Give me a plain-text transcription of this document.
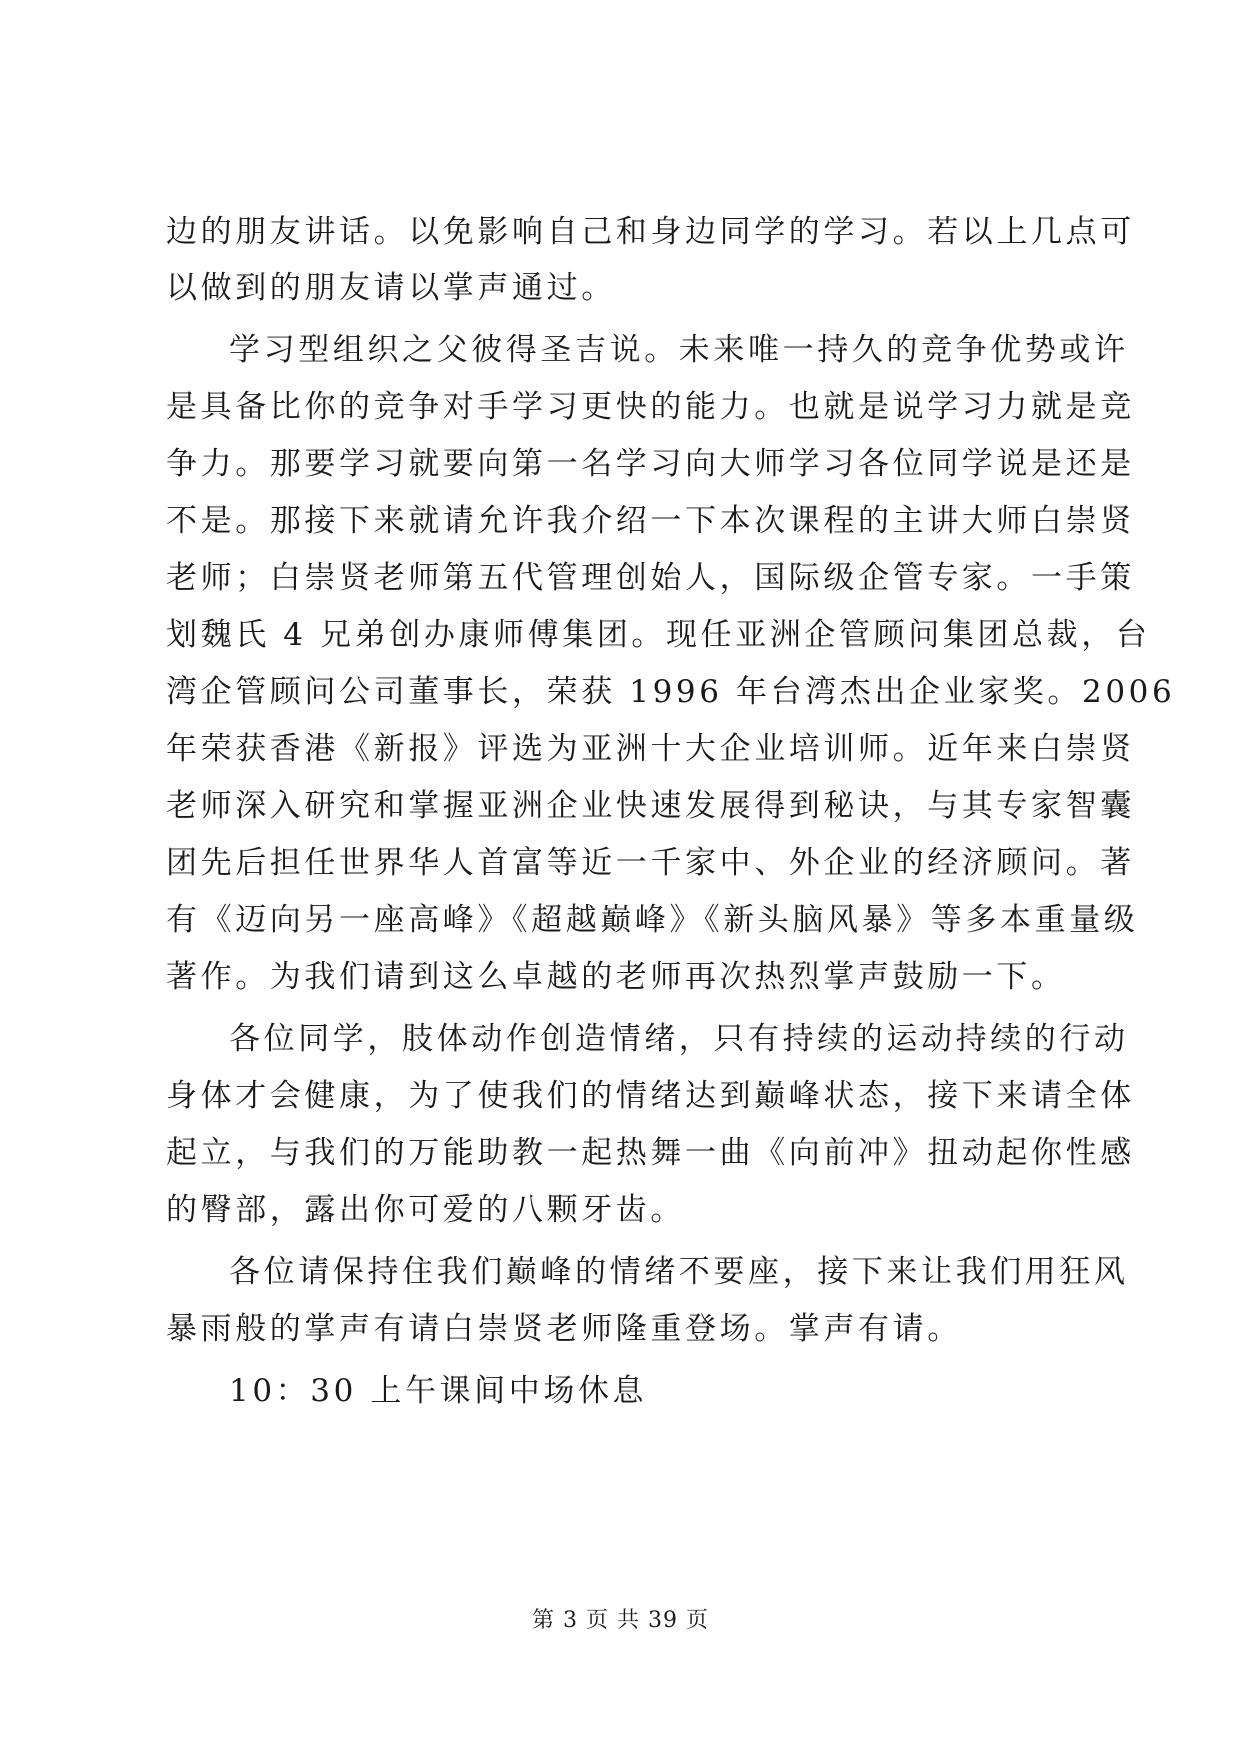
边的朋友讲话。以免影响自己和身边同学的学习。若以上几点可
以做到的朋友请以掌声通过。
学习型组织之父彼得圣吉说。未来唯一持久的竞争优势或许
是具备比你的竞争对手学习更快的能力。也就是说学习力就是竞
争力。那要学习就要向第一名学习向大师学习各位同学说是还是
不是。那接下来就请允许我介绍一下本次课程的主讲大师白崇贤
老师；白崇贤老师第五代管理创始人，国际级企管专家。一手策
划魏氏 4 兄弟创办康师傅集团。现任亚洲企管顾问集团总裁，台
湾企管顾问公司董事长，荣获 1996 年台湾杰出企业家奖。2006
年荣获香港《新报》评选为亚洲十大企业培训师。近年来白崇贤
老师深入研究和掌握亚洲企业快速发展得到秘诀，与其专家智囊
团先后担任世界华人首富等近一千家中、外企业的经济顾问。著
有《迈向另一座高峰》《超越巅峰》《新头脑风暴》等多本重量级
著作。为我们请到这么卓越的老师再次热烈掌声鼓励一下。
各位同学，肢体动作创造情绪，只有持续的运动持续的行动
身体才会健康，为了使我们的情绪达到巅峰状态，接下来请全体
起立，与我们的万能助教一起热舞一曲《向前冲》扭动起你性感
的臀部，露出你可爱的八颗牙齿。
各位请保持住我们巅峰的情绪不要座，接下来让我们用狂风
暴雨般的掌声有请白崇贤老师隆重登场。掌声有请。
10：30 上午课间中场休息
第 3 页 共 39 页
